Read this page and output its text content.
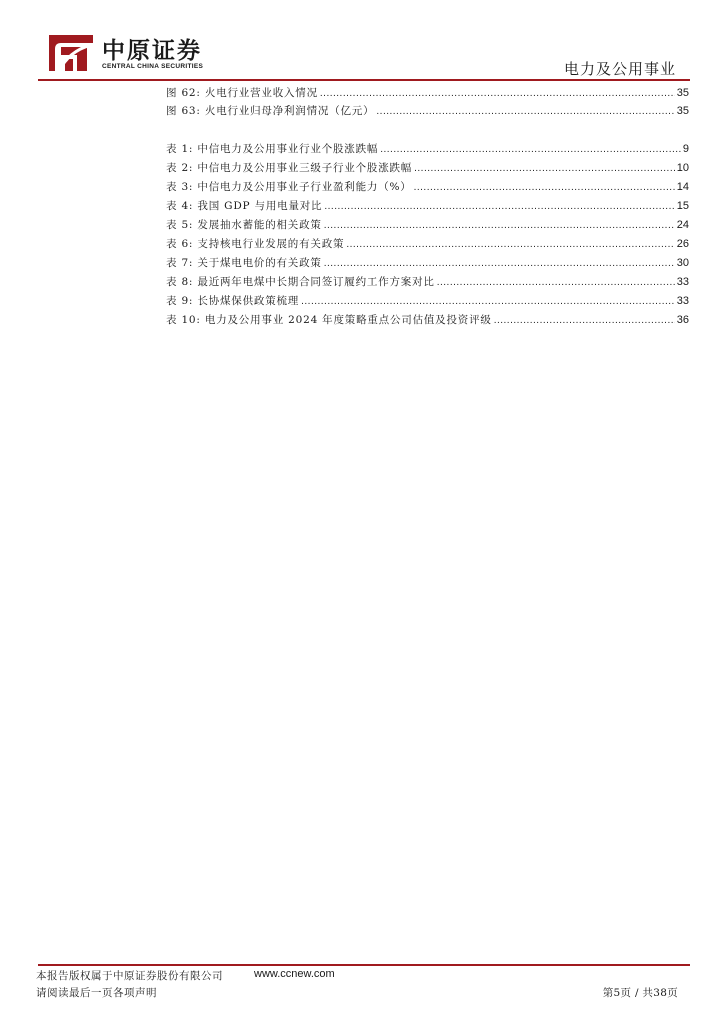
中原证券
CENTRAL CHINA SECURITIES	电力及公用事业
图 62: 火电行业营业收入情况 .....	35
图 63: 火电行业归母净利润情况（亿元） .....	35
表 1: 中信电力及公用事业行业个股涨跌幅 .....	9
表 2: 中信电力及公用事业三级子行业个股涨跌幅 .....	10
表 3: 中信电力及公用事业子行业盈利能力（%） .....	14
表 4: 我国 GDP 与用电量对比 .....	15
表 5: 发展抽水蓄能的相关政策 .....	24
表 6: 支持核电行业发展的有关政策 .....	26
表 7: 关于煤电电价的有关政策 .....	30
表 8: 最近两年电煤中长期合同签订履约工作方案对比 .....	33
表 9: 长协煤保供政策梳理 .....	33
表 10: 电力及公用事业 2024 年度策略重点公司估值及投资评级 .....	36
本报告版权属于中原证券股份有限公司	www.ccnew.com
请阅读最后一页各项声明	第5页 / 共38页
